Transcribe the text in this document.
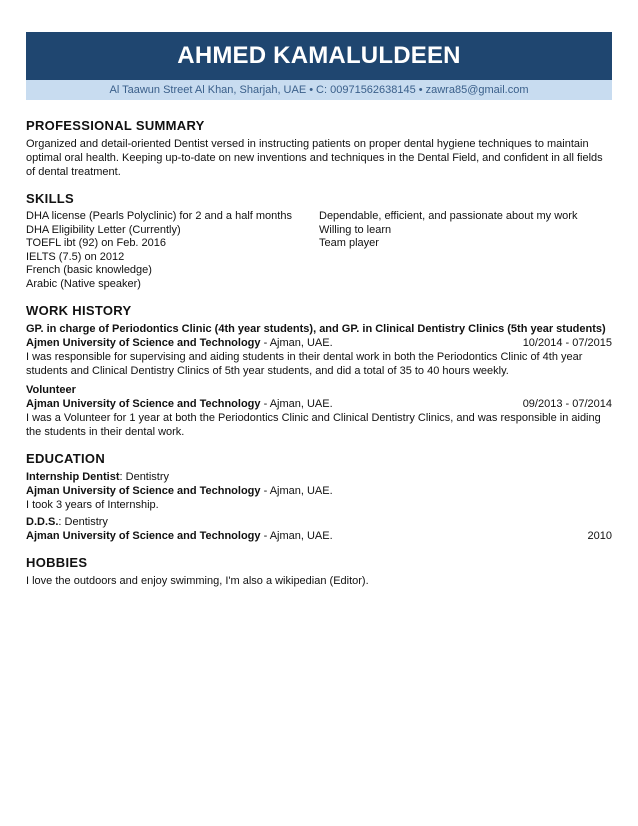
AHMED KAMALULDEEN
Al Taawun Street Al Khan, Sharjah, UAE • C: 00971562638145 • zawra85@gmail.com
PROFESSIONAL SUMMARY
Organized and detail-oriented Dentist versed in instructing patients on proper dental hygiene techniques to maintain optimal oral health. Keeping up-to-date on new inventions and techniques in the Dental Field, and confident in all fields of dental treatment.
SKILLS
DHA license (Pearls Polyclinic) for 2 and a half months
DHA Eligibility Letter (Currently)
TOEFL ibt (92) on Feb. 2016
IELTS (7.5) on 2012
French (basic knowledge)
Arabic (Native speaker)
Dependable, efficient, and passionate about my work
Willing to learn
Team player
WORK HISTORY
GP. in charge of Periodontics Clinic (4th year students), and GP. in Clinical Dentistry Clinics (5th year students)
Ajmen University of Science and Technology - Ajman, UAE.	10/2014 - 07/2015
I was responsible for supervising and aiding students in their dental work in both the Periodontics Clinic of 4th year students and Clinical Dentistry Clinics of 5th year students, and did a total of 35 to 40 hours weekly.
Volunteer
Ajman University of Science and Technology - Ajman, UAE.	09/2013 - 07/2014
I was a Volunteer for 1 year at both the Periodontics Clinic and Clinical Dentistry Clinics, and was responsible in aiding the students in their dental work.
EDUCATION
Internship Dentist: Dentistry
Ajman University of Science and Technology - Ajman, UAE.
I took 3 years of Internship.
D.D.S.: Dentistry
Ajman University of Science and Technology - Ajman, UAE.	2010
HOBBIES
I love the outdoors and enjoy swimming, I'm also a wikipedian (Editor).
